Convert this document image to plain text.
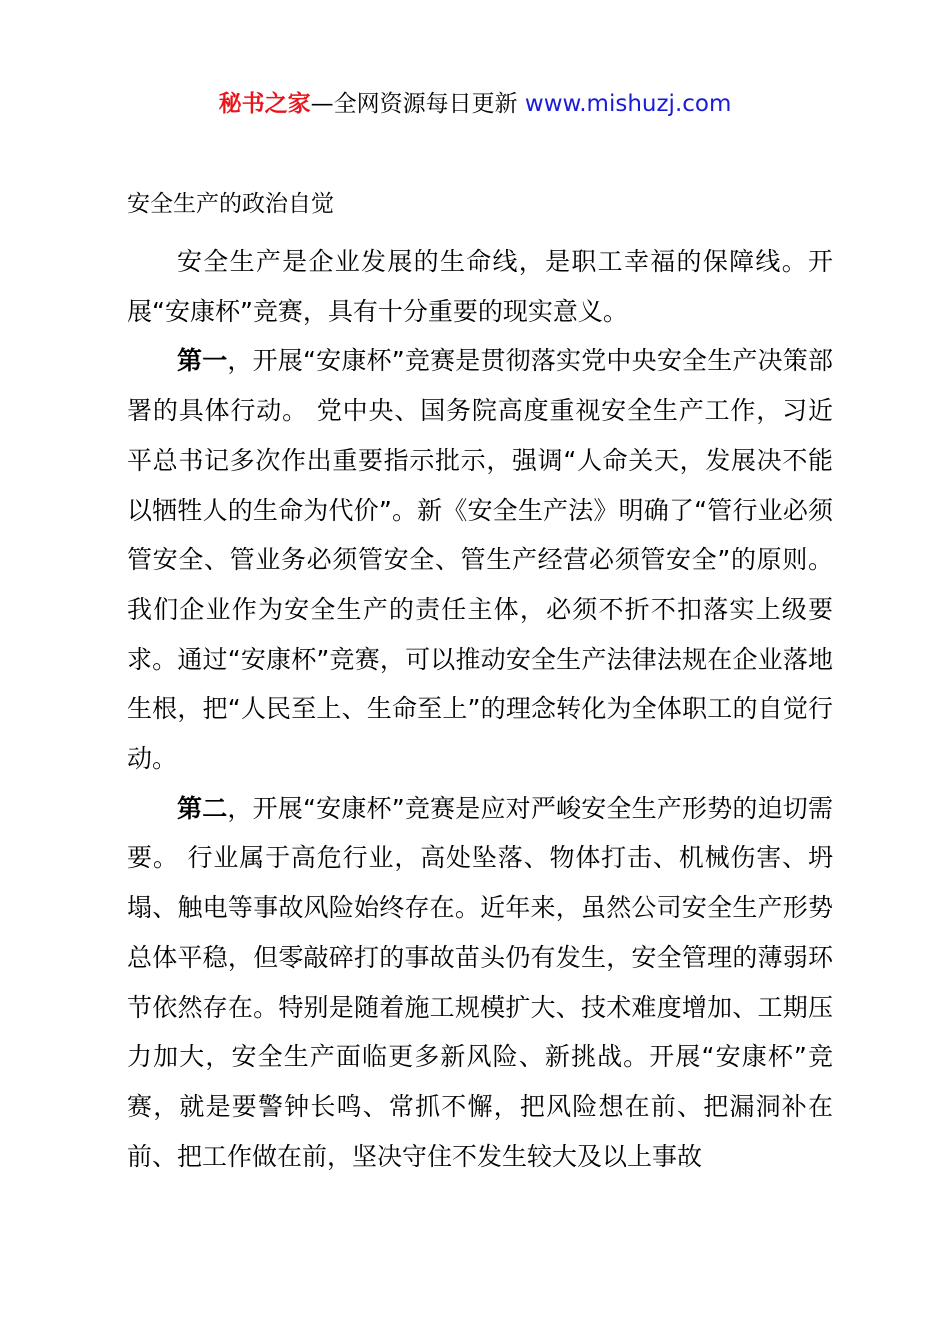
秘书之家—全网资源每日更新 www.mishuzj.com
安全生产的政治自觉

安全生产是企业发展的生命线，是职工幸福的保障线。开展“安康杯”竞赛，具有十分重要的现实意义。

第一，开展“安康杯”竞赛是贯彻落实党中央安全生产决策部署的具体行动。 党中央、国务院高度重视安全生产工作，习近平总书记多次作出重要指示批示，强调“人命关天，发展决不能以牺牲人的生命为代价”。新《安全生产法》明确了“管行业必须管安全、管业务必须管安全、管生产经营必须管安全”的原则。我们企业作为安全生产的责任主体，必须不折不扣落实上级要求。通过“安康杯”竞赛，可以推动安全生产法律法规在企业落地生根，把“人民至上、生命至上”的理念转化为全体职工的自觉行动。

第二，开展“安康杯”竞赛是应对严峻安全生产形势的迫切需要。 行业属于高危行业，高处坠落、物体打击、机械伤害、坍塌、触电等事故风险始终存在。近年来，虽然公司安全生产形势总体平稳，但零敲碎打的事故苗头仍有发生，安全管理的薄弱环节依然存在。特别是随着施工规模扩大、技术难度增加、工期压力加大，安全生产面临更多新风险、新挑战。开展“安康杯”竞赛，就是要警钟长鸣、常抓不懈，把风险想在前、把漏洞补在前、把工作做在前，坚决守住不发生较大及以上事故
